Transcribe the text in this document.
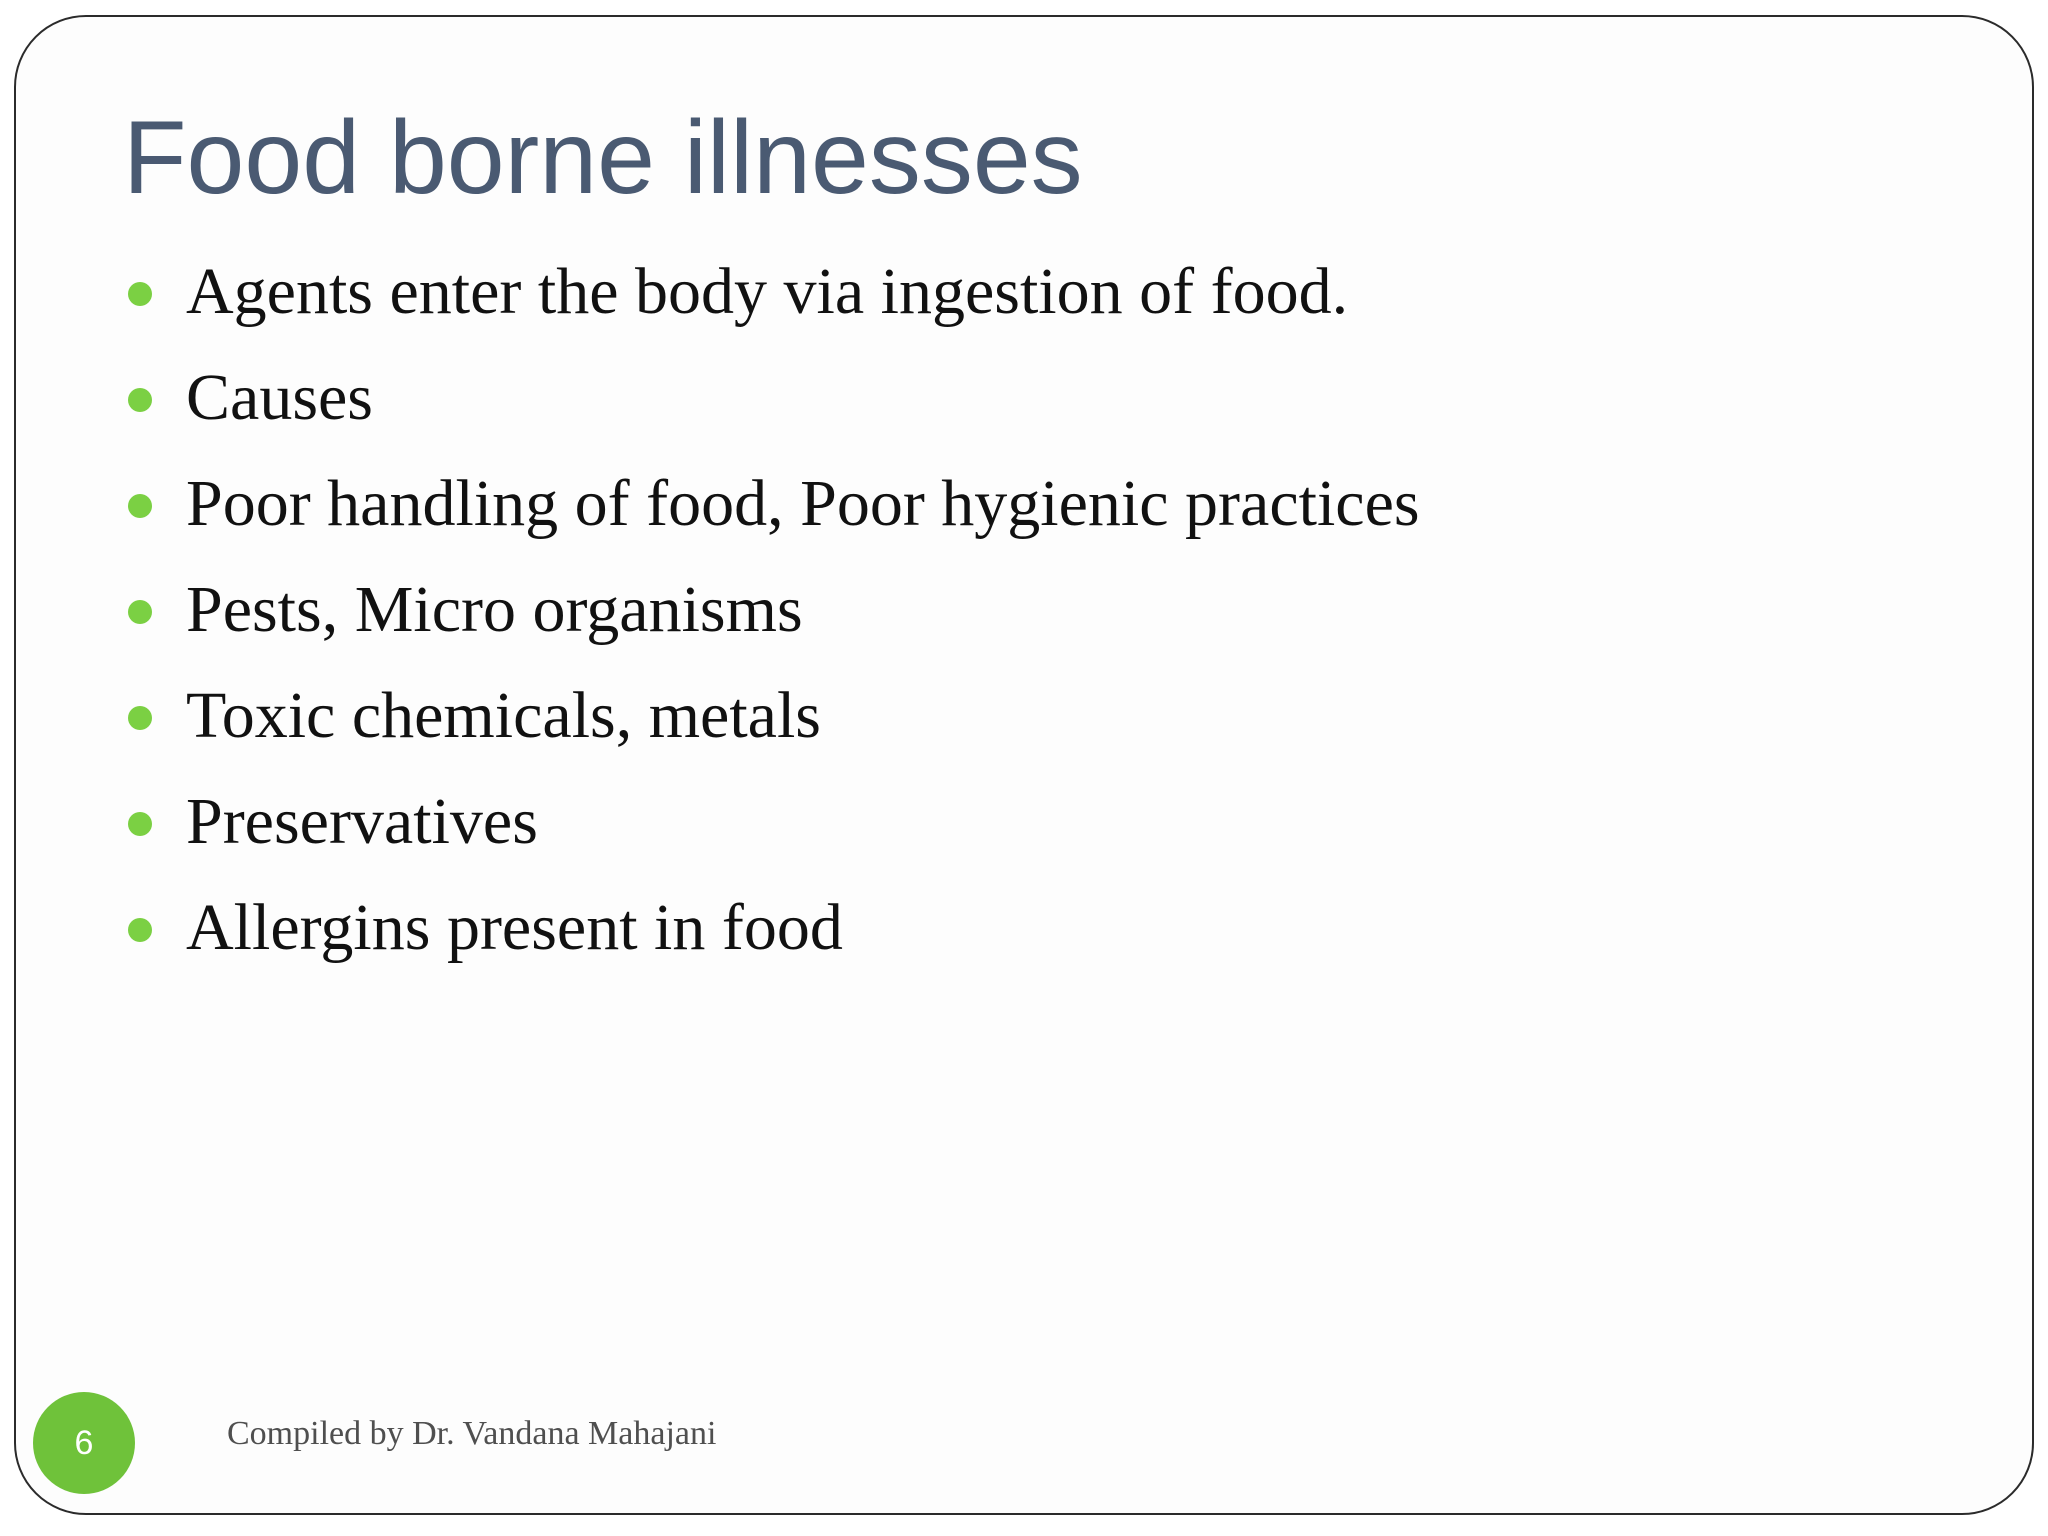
Food borne illnesses
Agents enter the body via ingestion of food.
Causes
Poor handling of food, Poor hygienic practices
Pests, Micro organisms
Toxic chemicals, metals
Preservatives
Allergins present in food
6	Compiled by Dr. Vandana Mahajani
